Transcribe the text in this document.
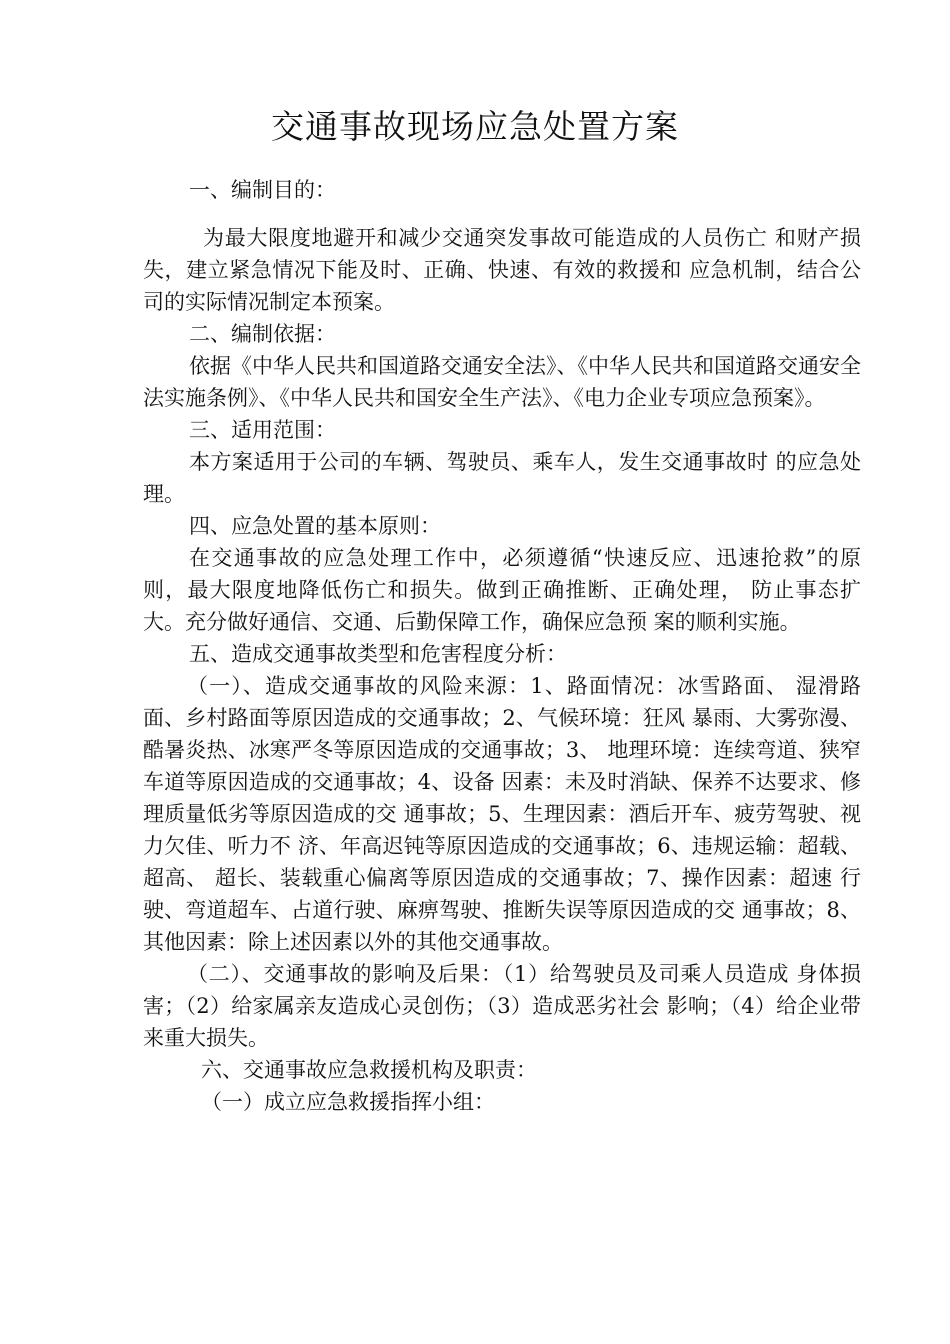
交通事故现场应急处置方案

一、编制目的：

为最大限度地避开和减少交通突发事故可能造成的人员伤亡 和财产损失，建立紧急情况下能及时、正确、快速、有效的救援和 应急机制，结合公司的实际情况制定本预案。

二、编制依据：

依据《中华人民共和国道路交通安全法》、《中华人民共和国道路交通安全法实施条例》、《中华人民共和国安全生产法》、《电力企业专项应急预案》。

三、适用范围：

本方案适用于公司的车辆、驾驶员、乘车人，发生交通事故时 的应急处理。

四、应急处置的基本原则：

在交通事故的应急处理工作中，必须遵循“快速反应、迅速抢救”的原则，最大限度地降低伤亡和损失。做到正确推断、正确处理， 防止事态扩大。充分做好通信、交通、后勤保障工作，确保应急预 案的顺利实施。

五、造成交通事故类型和危害程度分析：

（一）、造成交通事故的风险来源：1、路面情况：冰雪路面、 湿滑路面、乡村路面等原因造成的交通事故；2、气候环境：狂风 暴雨、大雾弥漫、酷暑炎热、冰寒严冬等原因造成的交通事故；3、 地理环境：连续弯道、狭窄车道等原因造成的交通事故；4、设备 因素：未及时消缺、保养不达要求、修理质量低劣等原因造成的交 通事故；5、生理因素：酒后开车、疲劳驾驶、视力欠佳、听力不 济、年高迟钝等原因造成的交通事故；6、违规运输：超载、超高、 超长、装载重心偏离等原因造成的交通事故；7、操作因素：超速 行驶、弯道超车、占道行驶、麻痹驾驶、推断失误等原因造成的交 通事故；8、其他因素：除上述因素以外的其他交通事故。

（二）、交通事故的影响及后果：（1）给驾驶员及司乘人员造成 身体损害；（2）给家属亲友造成心灵创伤；（3）造成恶劣社会 影响；（4）给企业带来重大损失。

六、交通事故应急救援机构及职责：

（一）成立应急救援指挥小组：
